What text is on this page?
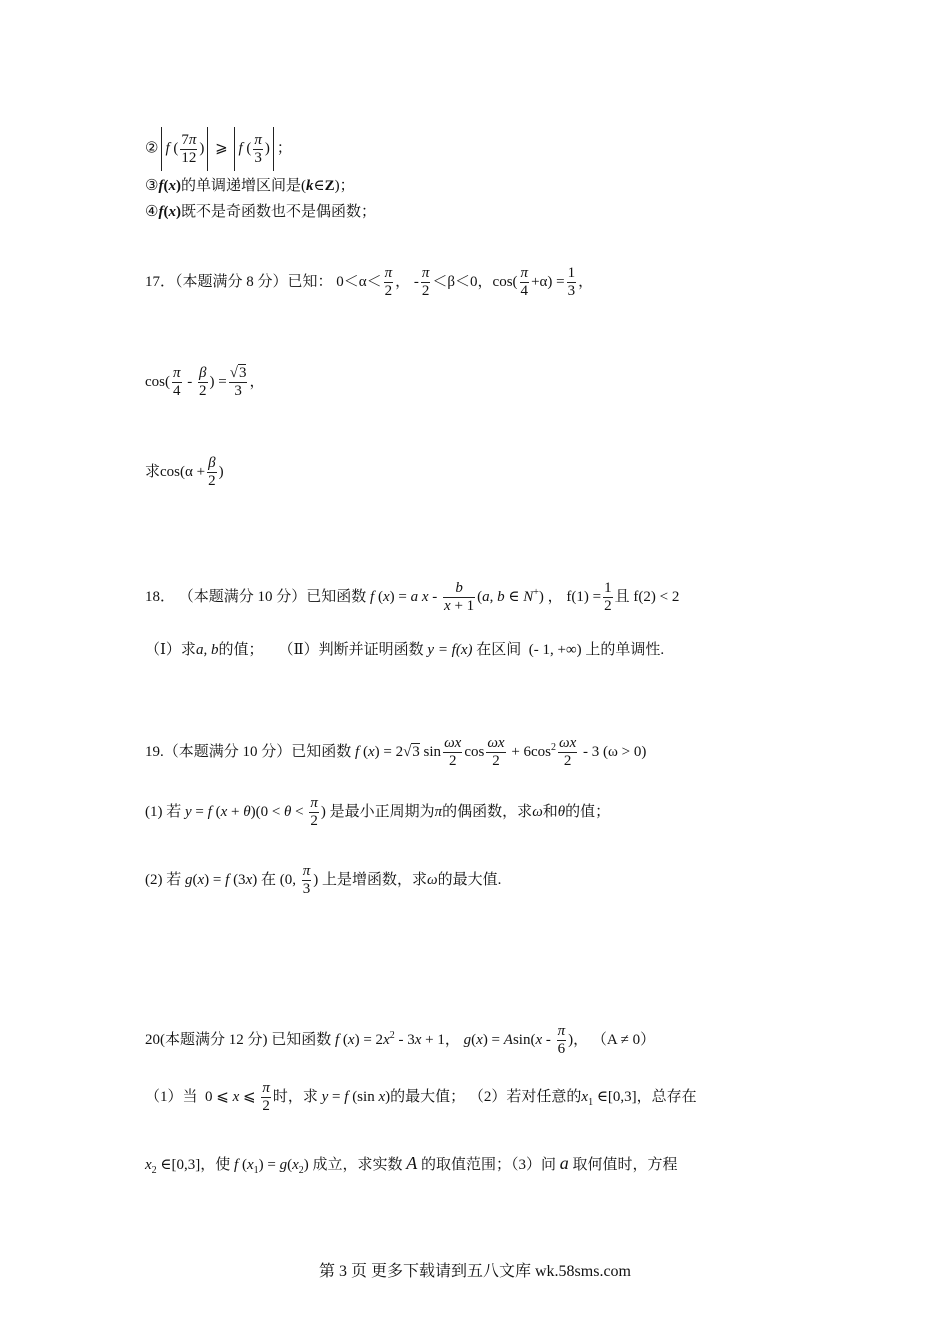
② f ( $\frac{7\pi}{12}$ ) ⩾ f ( $\frac{\pi}{3}$ ) ；
③f(x)的单调递增区间是(k∈Z)；
④f(x)既不是奇函数也不是偶函数；
17．（本题满分 8 分）已知： $0<\alpha< \frac{\pi}{2}$ ， - $\frac{\pi}{2} <\beta<0$，$\cos( \frac{\pi}{4} +\alpha) = \frac{1}{3}$ ，
$\cos( \frac{\pi}{4} - \frac{\beta}{2}$ ) = $\frac{√3}{3}$ ，
求$\cos(\alpha + \frac{\beta}{2}$ )
18． （本题满分 10 分）已知函数 f (x) = a x - $\frac{b}{x + 1} (a$, b ∈ N+) ， $f(1) = \frac{1}{2}$ 且 f(2) < 2
（Ⅰ）求a, b的值； （Ⅱ）判断并证明函数 y = f(x) 在区间 (- 1, +∞) 上的单调性.
19.（本题满分 10 分）已知函数 f (x) = 2√3 $\sin \frac{\omega x}{2}$ $\cos \frac{\omega x}{2} + 6\cos^2 \frac{\omega x}{2} - 3$ (ω > 0)
(1) 若 y = f $(x + \theta)(0 < \theta < \frac{\pi}{2}$ ) 是最小正周期为π的偶函数，求ω和θ的值；
(2) 若 g(x) = f (3x) 在 (0, $\frac{\pi}{3}$ ) 上是增函数，求ω的最大值.
20(本题满分 12 分) 已知函数 f $(x) = 2x^2 - 3x + 1$， $g(x) = Asin(x - \frac{\pi}{6}$ )， （A ≠ 0）
（1）当  0 ⩽ x ⩽ $\frac{\pi}{2}$ 时，求 y = f (sin x)的最大值； （2）若对任意的$x_1$ ∈[0,3]，总存在
$x_2$ ∈[0,3]，使 f $(x_1) = g(x_2)$ 成立，求实数 A 的取值范围；（3）问 a 取何值时，方程
第 3 页 更多下载请到五八文库 wk.58sms.com
